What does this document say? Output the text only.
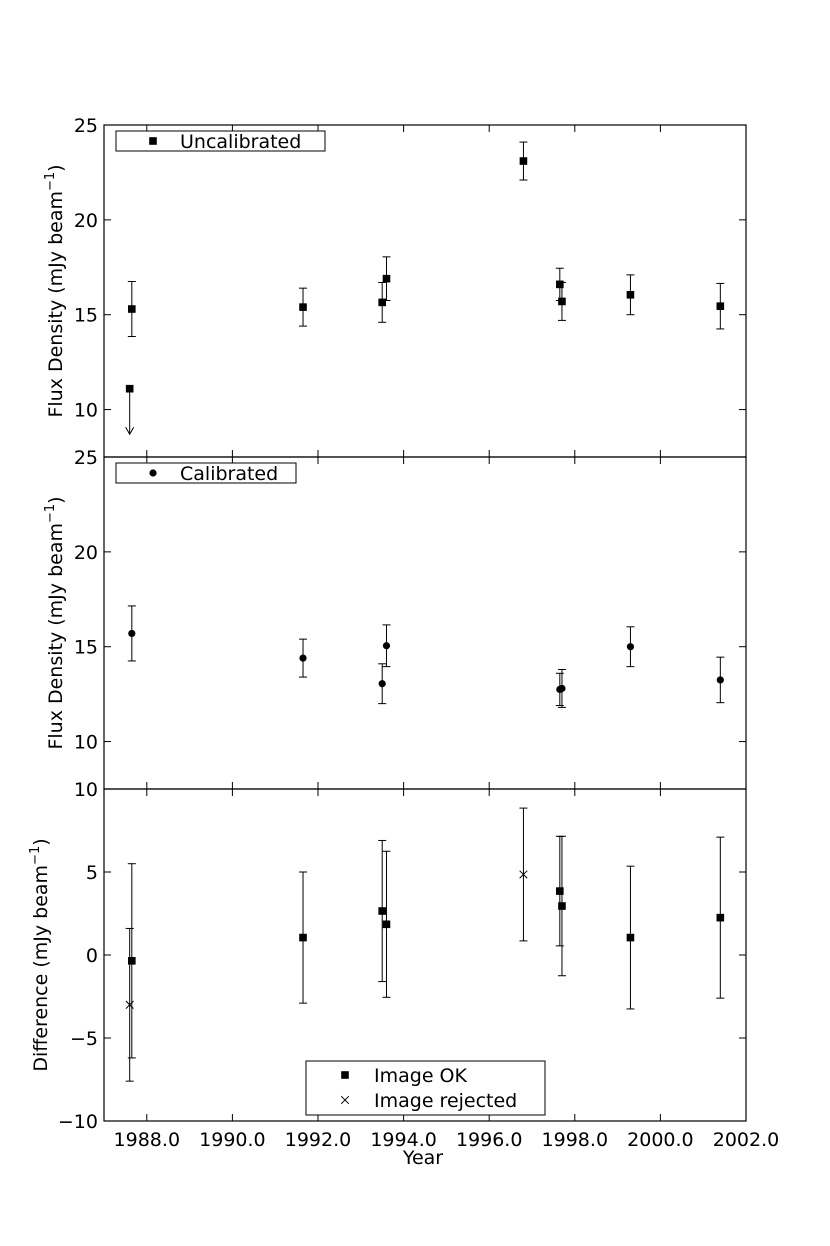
10
15
20
25
Flux Density (mJy beam$^{-1}$)
Uncalibrated
10
15
20
25
Flux Density (mJy beam$^{-1}$)
Calibrated
−10
−5
0
5
10
1988.0 1990.0 1992.0 1994.0 1996.0 1998.0 2000.0 2002.0
Difference (mJy beam$^{-1}$)
Year
Image OK
Image rejected
